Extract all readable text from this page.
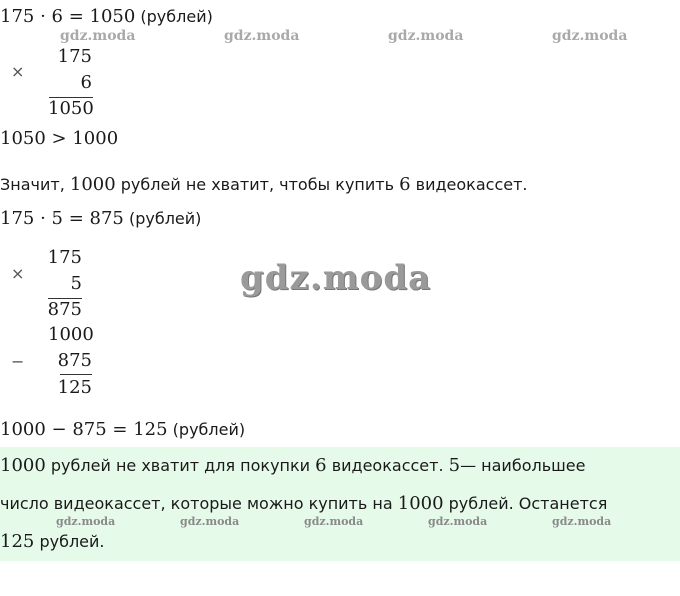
175 · 6 = 1050 (рублей)
gdz.moda	gdz.moda	gdz.moda	gdz.moda
×
175
6
1050
1050 > 1000
Значит, 1000 рублей не хватит, чтобы купить 6 видеокассет.
175 · 5 = 875 (рублей)
×
175
5
875
gdz.moda
−
1000
875
125
1000 − 875 = 125 (рублей)
1000 рублей не хватит для покупки 6 видеокассет. 5— наибольшее
число видеокассет, которые можно купить на 1000 рублей. Останется
gdz.moda	gdz.moda	gdz.moda	gdz.moda	gdz.moda
125 рублей.
